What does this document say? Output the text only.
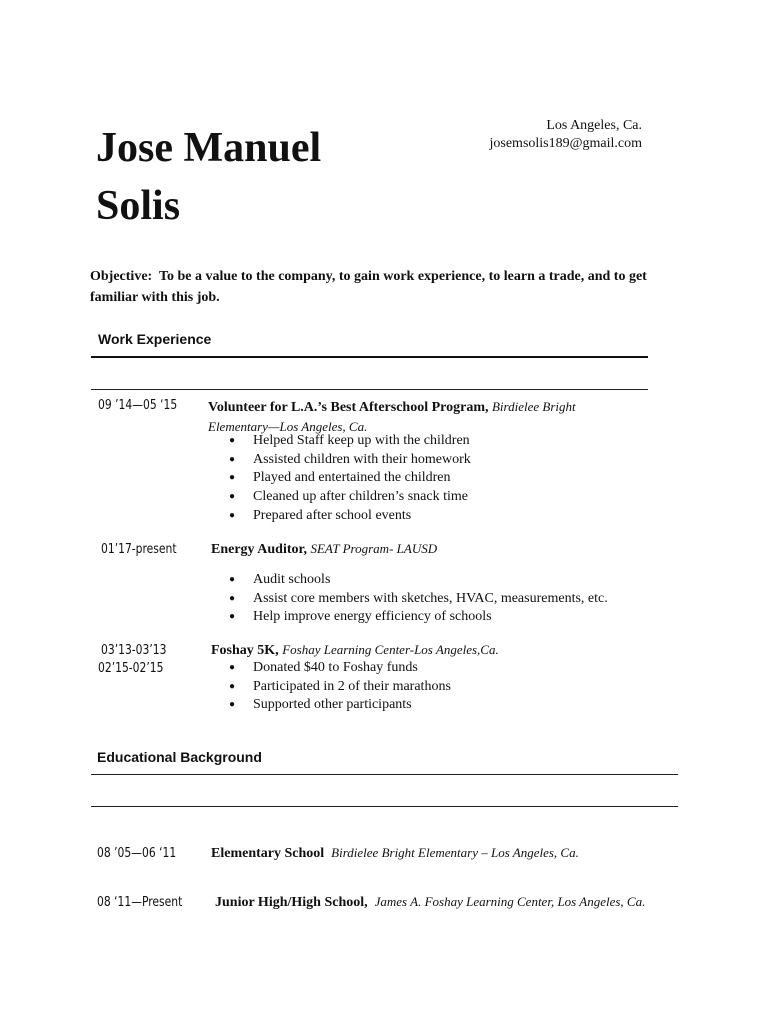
Los Angeles, Ca.
josemsolis189@gmail.com
Jose Manuel
Solis
Objective: To be a value to the company, to gain work experience, to learn a trade, and to get familiar with this job.
Work Experience
09 ’14—05 ‘15 Volunteer for L.A.’s Best Afterschool Program, Birdielee Bright
Elementary—Los Angeles, Ca.
● Helped Staff keep up with the children
● Assisted children with their homework
● Played and entertained the children
● Cleaned up after children’s snack time
● Prepared after school events
01’17-present Energy Auditor, SEAT Program- LAUSD
● Audit schools
● Assist core members with sketches, HVAC, measurements, etc.
● Help improve energy efficiency of schools
03’13-03’13
02’15-02’15
Foshay 5K, Foshay Learning Center-Los Angeles,Ca.
● Donated $40 to Foshay funds
● Participated in 2 of their marathons
● Supported other participants
Educational Background
08 ’05—06 ‘11 Elementary School Birdielee Bright Elementary – Los Angeles, Ca.
08 ‘11—Present Junior High/High School, James A. Foshay Learning Center, Los Angeles, Ca.
